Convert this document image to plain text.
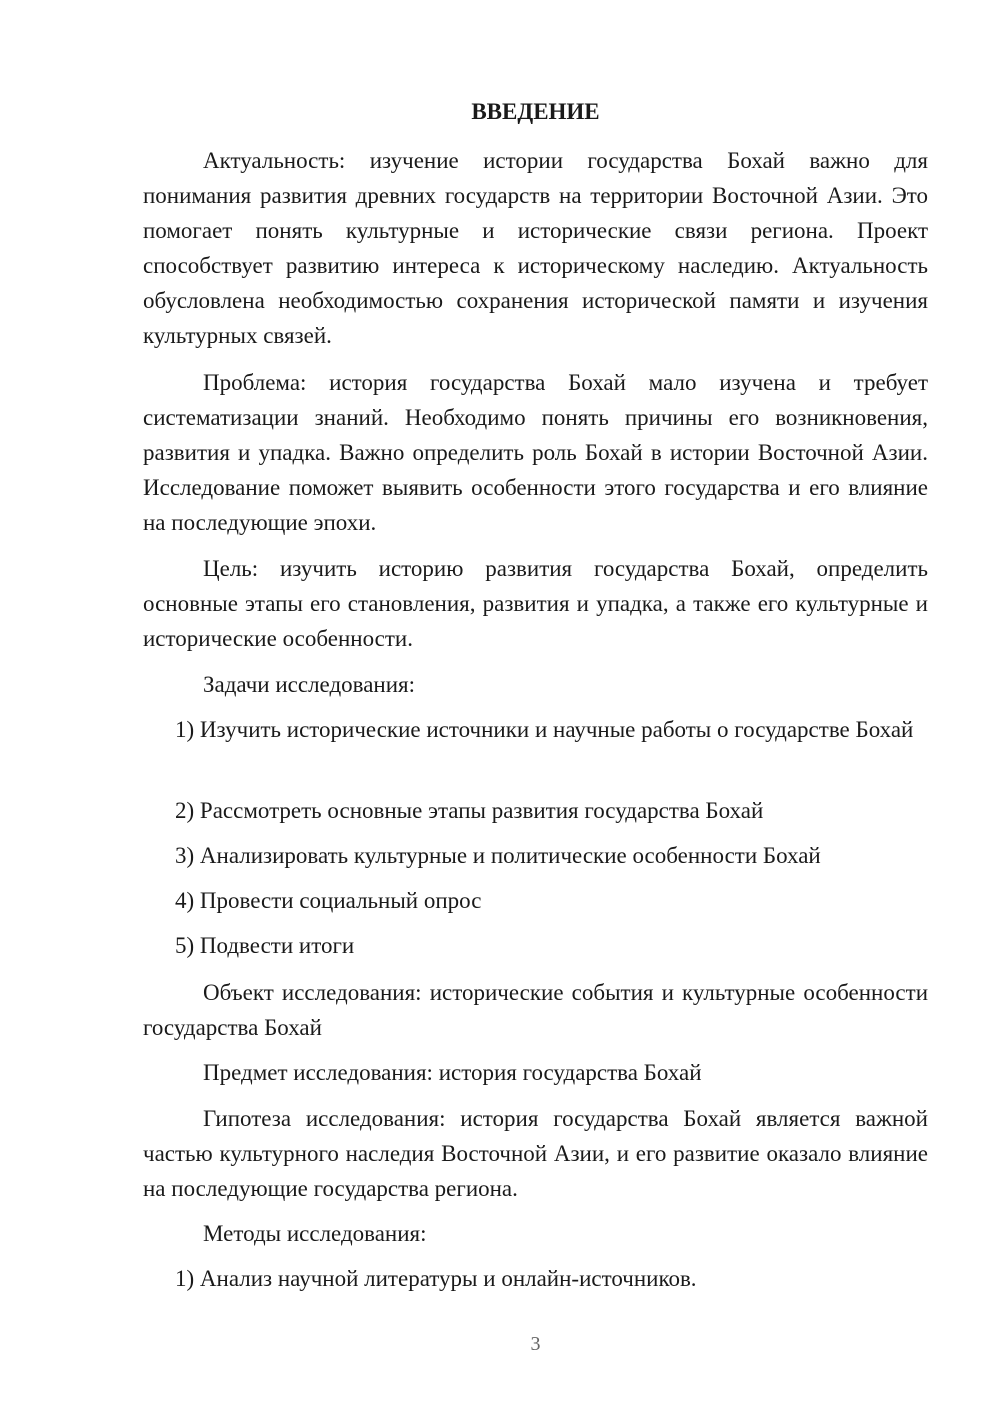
ВВЕДЕНИЕ

Актуальность: изучение истории государства Бохай важно для понимания развития древних государств на территории Восточной Азии. Это помогает понять культурные и исторические связи региона. Проект способствует развитию интереса к историческому наследию. Актуальность обусловлена необходимостью сохранения исторической памяти и изучения культурных связей.

Проблема: история государства Бохай мало изучена и требует систематизации знаний. Необходимо понять причины его возникновения, развития и упадка. Важно определить роль Бохай в истории Восточной Азии. Исследование поможет выявить особенности этого государства и его влияние на последующие эпохи.

Цель: изучить историю развития государства Бохай, определить основные этапы его становления, развития и упадка, а также его культурные и исторические особенности.

Задачи исследования:

1) Изучить исторические источники и научные работы о государстве Бохай

2) Рассмотреть основные этапы развития государства Бохай

3) Анализировать культурные и политические особенности Бохай

4) Провести социальный опрос

5) Подвести итоги

Объект исследования: исторические события и культурные особенности государства Бохай

Предмет исследования: история государства Бохай

Гипотеза исследования: история государства Бохай является важной частью культурного наследия Восточной Азии, и его развитие оказало влияние на последующие государства региона.

Методы исследования:

1) Анализ научной литературы и онлайн-источников.

3
